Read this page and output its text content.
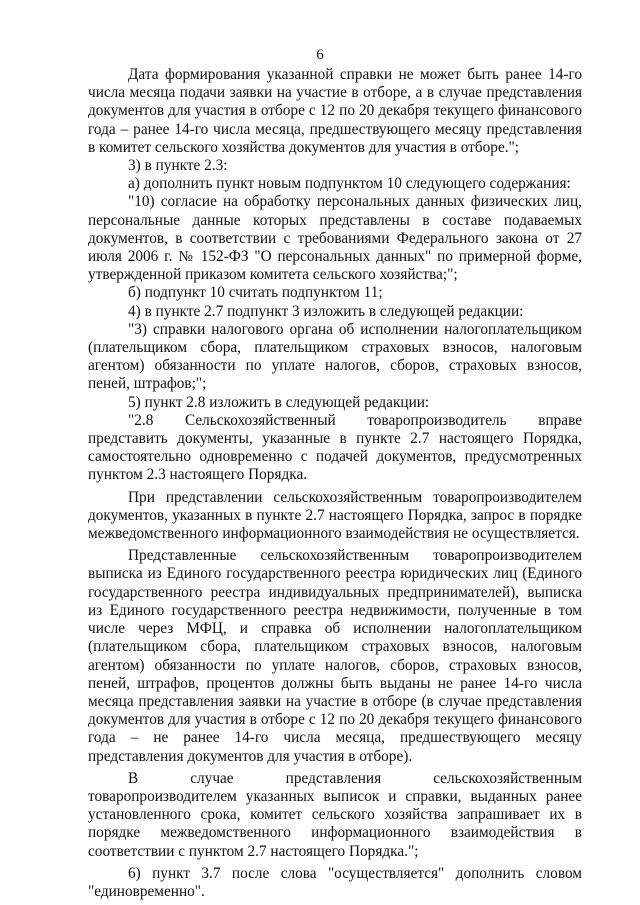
6

Дата формирования указанной справки не может быть ранее 14-го числа месяца подачи заявки на участие в отборе, а в случае представления документов для участия в отборе с 12 по 20 декабря текущего финансового года – ранее 14-го числа месяца, предшествующего месяцу представления в комитет сельского хозяйства документов для участия в отборе.";

3) в пункте 2.3:

а) дополнить пункт новым подпунктом 10 следующего содержания:

"10) согласие на обработку персональных данных физических лиц, персональные данные которых представлены в составе подаваемых документов, в соответствии с требованиями Федерального закона от 27 июля 2006 г. № 152-ФЗ "О персональных данных" по примерной форме, утвержденной приказом комитета сельского хозяйства;";

б) подпункт 10 считать подпунктом 11;

4) в пункте 2.7 подпункт 3 изложить в следующей редакции:

"3) справки налогового органа об исполнении налогоплательщиком (плательщиком сбора, плательщиком страховых взносов, налоговым агентом) обязанности по уплате налогов, сборов, страховых взносов, пеней, штрафов;";

5) пункт 2.8 изложить в следующей редакции:

"2.8 Сельскохозяйственный товаропроизводитель вправе представить документы, указанные в пункте 2.7 настоящего Порядка, самостоятельно одновременно с подачей документов, предусмотренных пунктом 2.3 настоящего Порядка.

При представлении сельскохозяйственным товаропроизводителем документов, указанных в пункте 2.7 настоящего Порядка, запрос в порядке межведомственного информационного взаимодействия не осуществляется.

Представленные сельскохозяйственным товаропроизводителем выписка из Единого государственного реестра юридических лиц (Единого государственного реестра индивидуальных предпринимателей), выписка из Единого государственного реестра недвижимости, полученные в том числе через МФЦ, и справка об исполнении налогоплательщиком (плательщиком сбора, плательщиком страховых взносов, налоговым агентом) обязанности по уплате налогов, сборов, страховых взносов, пеней, штрафов, процентов должны быть выданы не ранее 14-го числа месяца представления заявки на участие в отборе (в случае представления документов для участия в отборе с 12 по 20 декабря текущего финансового года – не ранее 14-го числа месяца, предшествующего месяцу представления документов для участия в отборе).

В случае представления сельскохозяйственным товаропроизводителем указанных выписок и справки, выданных ранее установленного срока, комитет сельского хозяйства запрашивает их в порядке межведомственного информационного взаимодействия в соответствии с пунктом 2.7 настоящего Порядка.";

6) пункт 3.7 после слова "осуществляется" дополнить словом "единовременно".
